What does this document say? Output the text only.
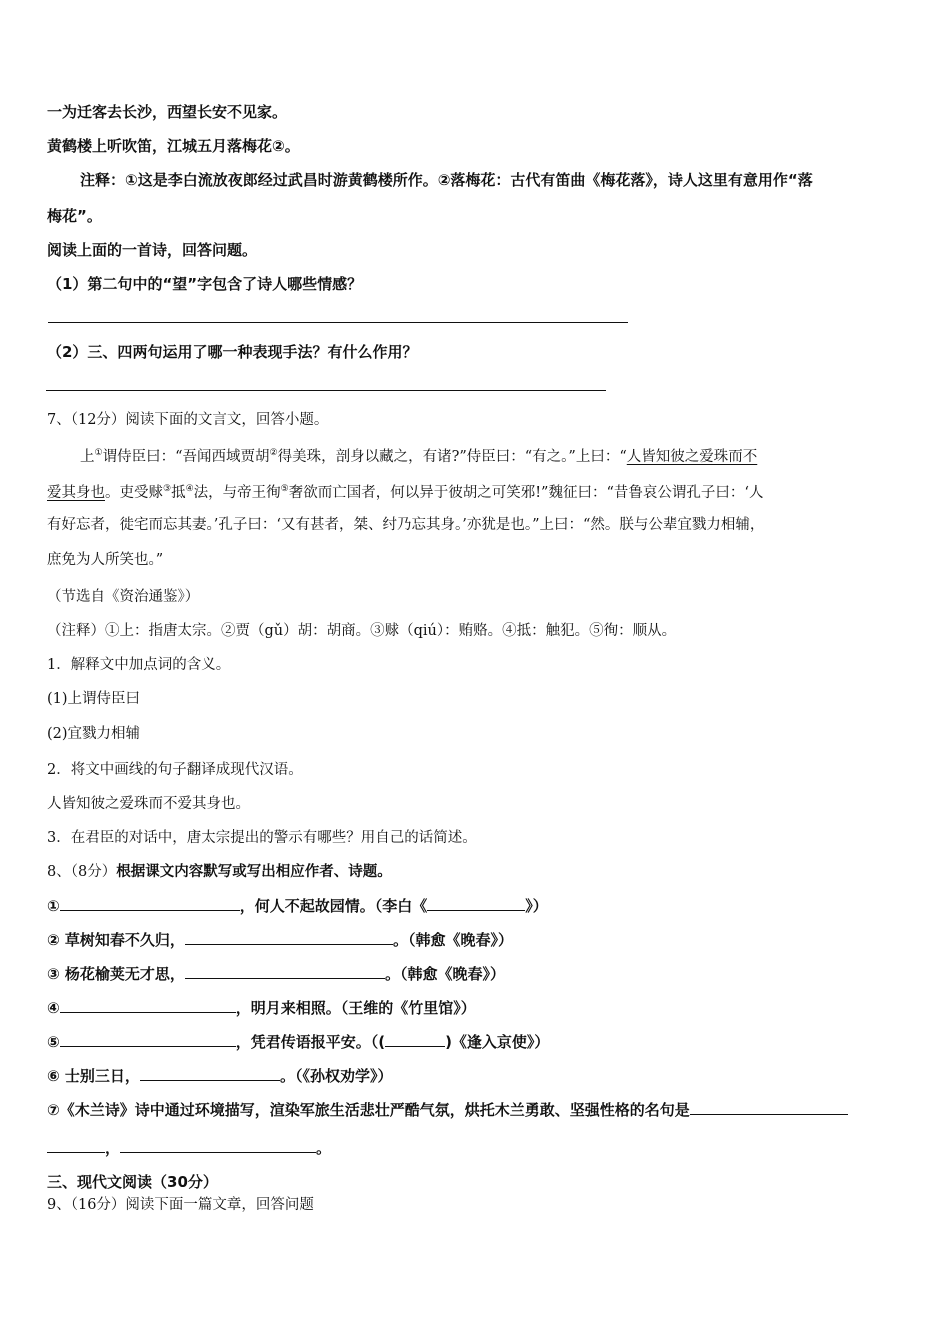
一为迁客去长沙，西望长安不见家。
黄鹤楼上听吹笛，江城五月落梅花②。
注释：①这是李白流放夜郎经过武昌时游黄鹤楼所作。②落梅花：古代有笛曲《梅花落》，诗人这里有意用作“落
梅花”。
阅读上面的一首诗，回答问题。
（1）第二句中的“望”字包含了诗人哪些情感？
（2）三、四两句运用了哪一种表现手法？有什么作用？
7、（12分）阅读下面的文言文，回答小题。
上①谓侍臣曰：“吾闻西域贾胡②得美珠，剖身以藏之，有诸?”侍臣曰：“有之。”上曰：“人皆知彼之爱珠而不
爱其身也。吏受赇③抵④法，与帝王徇⑤奢欲而亡国者，何以异于彼胡之可笑邪!”魏征曰：“昔鲁哀公谓孔子曰：‘人
有好忘者，徙宅而忘其妻。’孔子曰：‘又有甚者，桀、纣乃忘其身。’亦犹是也。”上曰：“然。朕与公辈宜戮力相辅，
庶免为人所笑也。”
（节选自《资治通鉴》）
（注释）①上：指唐太宗。②贾（gǔ）胡：胡商。③赇（qiú）：贿赂。④抵：触犯。⑤徇：顺从。
1．解释文中加点词的含义。
(1)上谓侍臣曰
(2)宜戮力相辅
2．将文中画线的句子翻译成现代汉语。
人皆知彼之爱珠而不爱其身也。
3．在君臣的对话中，唐太宗提出的警示有哪些？用自己的话简述。
8、（8分）根据课文内容默写或写出相应作者、诗题。
①	，何人不起故园情。（李白《	》）
② 草树知春不久归，	。（韩愈《晚春》）
③ 杨花榆荚无才思，	。（韩愈《晚春》）
④	，明月来相照。（王维的《竹里馆》）
⑤	，凭君传语报平安。（(	)《逢入京使》）
⑥ 士别三日，	。（《孙权劝学》）
⑦《木兰诗》诗中通过环境描写，渲染军旅生活悲壮严酷气氛，烘托木兰勇敢、坚强性格的名句是
，	。
三、现代文阅读（30分）
9、（16分）阅读下面一篇文章，回答问题
